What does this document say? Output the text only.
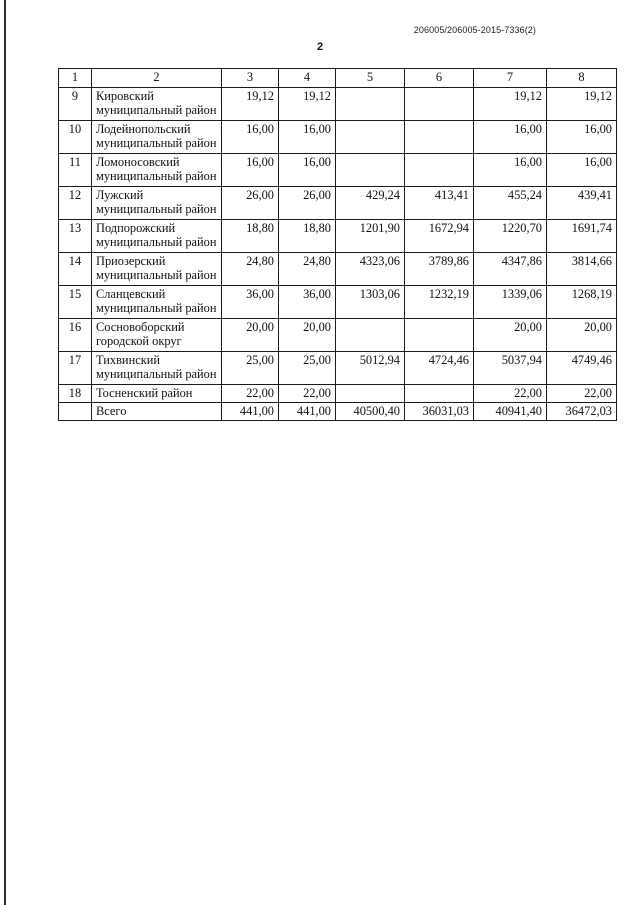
206005/206005-2015-7336(2)
2
1	2	3	4	5	6	7	8
9	Кировский муниципальный район	19,12	19,12			19,12	19,12
10	Лодейнопольский муниципальный район	16,00	16,00			16,00	16,00
11	Ломоносовский муниципальный район	16,00	16,00			16,00	16,00
12	Лужский муниципальный район	26,00	26,00	429,24	413,41	455,24	439,41
13	Подпорожский муниципальный район	18,80	18,80	1201,90	1672,94	1220,70	1691,74
14	Приозерский муниципальный район	24,80	24,80	4323,06	3789,86	4347,86	3814,66
15	Сланцевский муниципальный район	36,00	36,00	1303,06	1232,19	1339,06	1268,19
16	Сосновоборский городской округ	20,00	20,00			20,00	20,00
17	Тихвинский муниципальный район	25,00	25,00	5012,94	4724,46	5037,94	4749,46
18	Тосненский район	22,00	22,00			22,00	22,00
	Всего	441,00	441,00	40500,40	36031,03	40941,40	36472,03
